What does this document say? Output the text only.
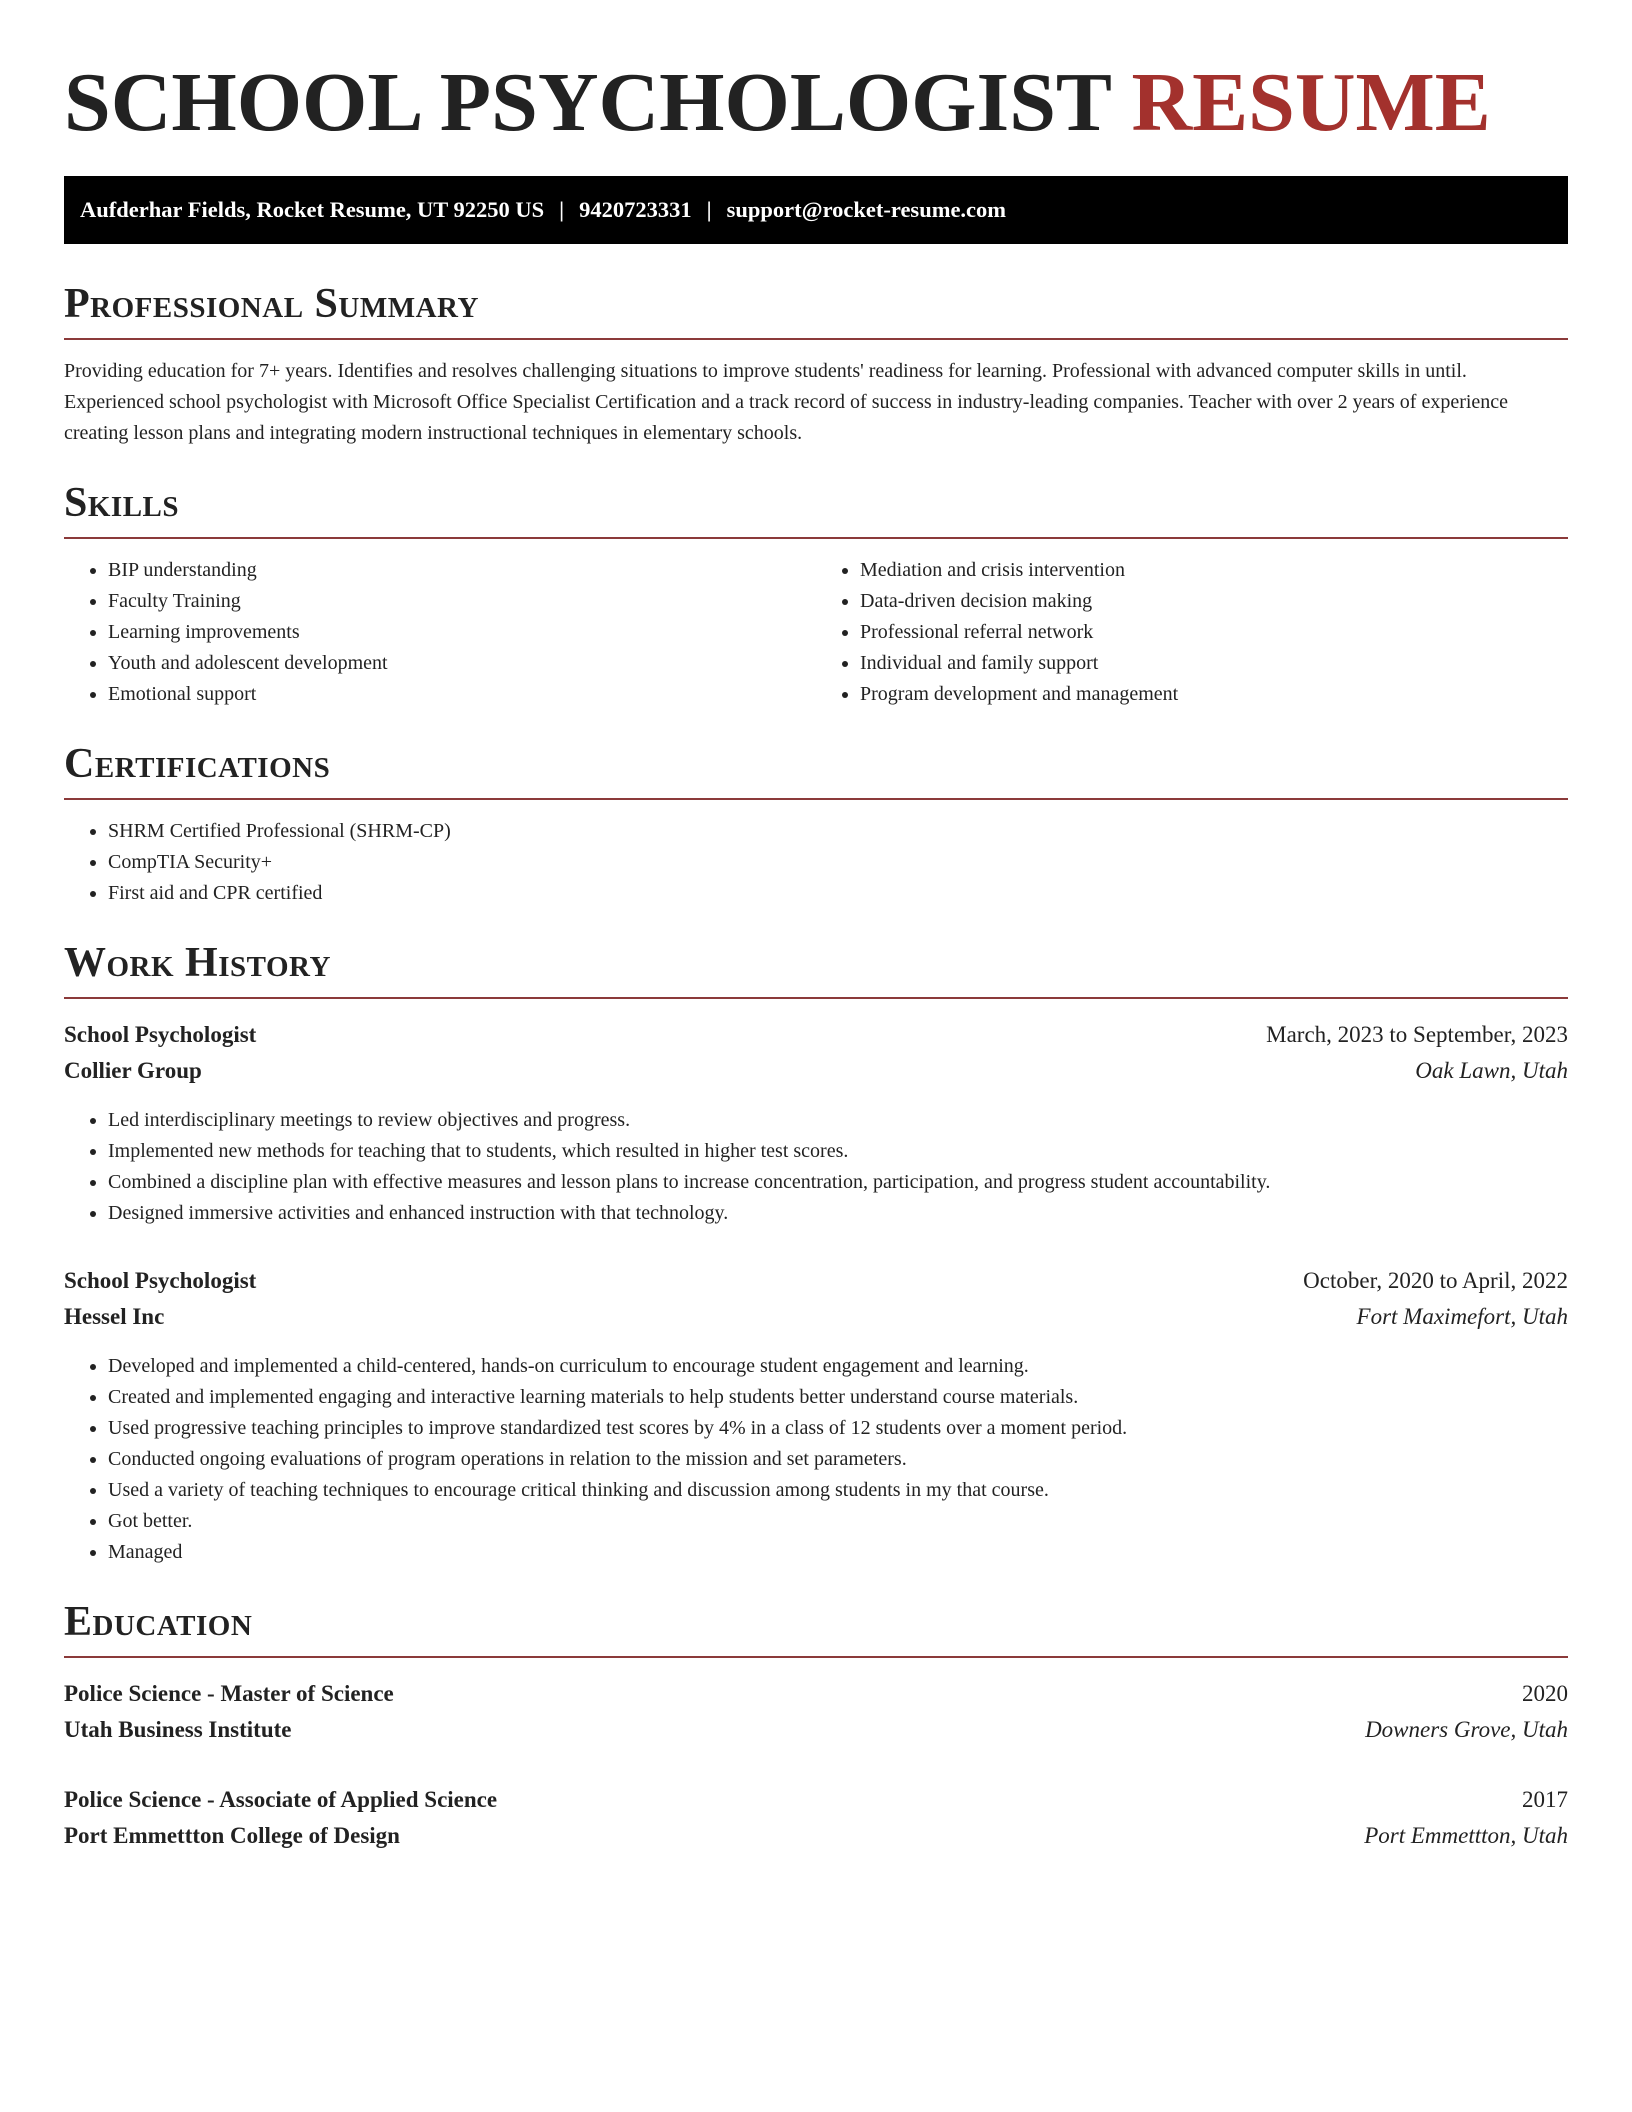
SCHOOL PSYCHOLOGIST RESUME
Aufderhar Fields, Rocket Resume, UT 92250 US | 9420723331 | support@rocket-resume.com
Professional Summary

Providing education for 7+ years. Identifies and resolves challenging situations to improve students' readiness for learning. Professional with advanced computer skills in until. Experienced school psychologist with Microsoft Office Specialist Certification and a track record of success in industry-leading companies. Teacher with over 2 years of experience creating lesson plans and integrating modern instructional techniques in elementary schools.

Skills
• BIP understanding
• Faculty Training
• Learning improvements
• Youth and adolescent development
• Emotional support
• Mediation and crisis intervention
• Data-driven decision making
• Professional referral network
• Individual and family support
• Program development and management
Certifications
• SHRM Certified Professional (SHRM-CP)
• CompTIA Security+
• First aid and CPR certified
Work History
School Psychologist	March, 2023 to September, 2023
Collier Group	Oak Lawn, Utah
• Led interdisciplinary meetings to review objectives and progress.
• Implemented new methods for teaching that to students, which resulted in higher test scores.
• Combined a discipline plan with effective measures and lesson plans to increase concentration, participation, and progress student accountability.
• Designed immersive activities and enhanced instruction with that technology.
School Psychologist	October, 2020 to April, 2022
Hessel Inc	Fort Maximefort, Utah
• Developed and implemented a child-centered, hands-on curriculum to encourage student engagement and learning.
• Created and implemented engaging and interactive learning materials to help students better understand course materials.
• Used progressive teaching principles to improve standardized test scores by 4% in a class of 12 students over a moment period.
• Conducted ongoing evaluations of program operations in relation to the mission and set parameters.
• Used a variety of teaching techniques to encourage critical thinking and discussion among students in my that course.
• Got better.
• Managed
Education
Police Science - Master of Science	2020
Utah Business Institute	Downers Grove, Utah
Police Science - Associate of Applied Science	2017
Port Emmettton College of Design	Port Emmettton, Utah
